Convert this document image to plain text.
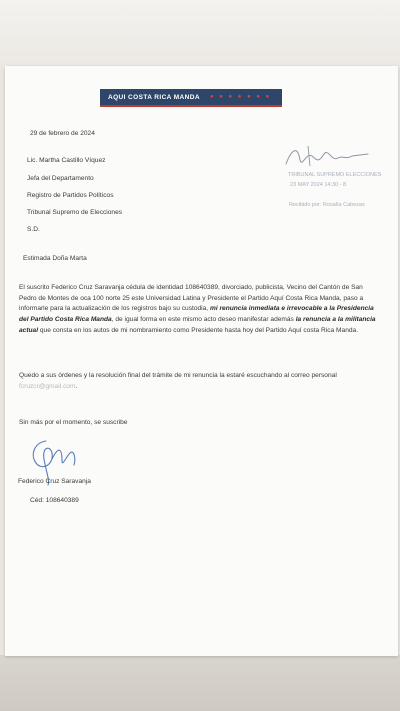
AQUI COSTA RICA MANDA ● ● ● ● ● ● ●
29 de febrero de 2024
Lic. Martha Castillo Víquez
Jefa del Departamento
Registro de Partidos Políticos
Tribunal Supremo de Elecciones
S.D.
TRIBUNAL SUPREMO ELECCIONES
23 MAY 2024 14:30 - 8
Recibido por: Rosalía Cabezas
Estimada Doña Marta
El suscrito Federico Cruz Saravanja cédula de identidad 108640389, divorciado, publicista, Vecino del Cantón de San Pedro de Montes de oca 100 norte 25 este Universidad Latina y Presidente el Partido Aquí Costa Rica Manda, paso a informarle para la actualización de los registros bajo su custodia, mi renuncia inmediata e irrevocable a la Presidencia del Partido Costa Rica Manda, de igual forma en este mismo acto deseo manifestar además la renuncia a la militancia actual que consta en los autos de mi nombramiento como Presidente hasta hoy del Partido Aquí costa Rica Manda.
Quedo a sus órdenes y la resolución final del trámite de mi renuncia la estaré escuchando al correo personal fcruzcr@gmail.com.
Sin más por el momento, se suscribe
Federico Cruz Saravanja
Céd: 108640389
